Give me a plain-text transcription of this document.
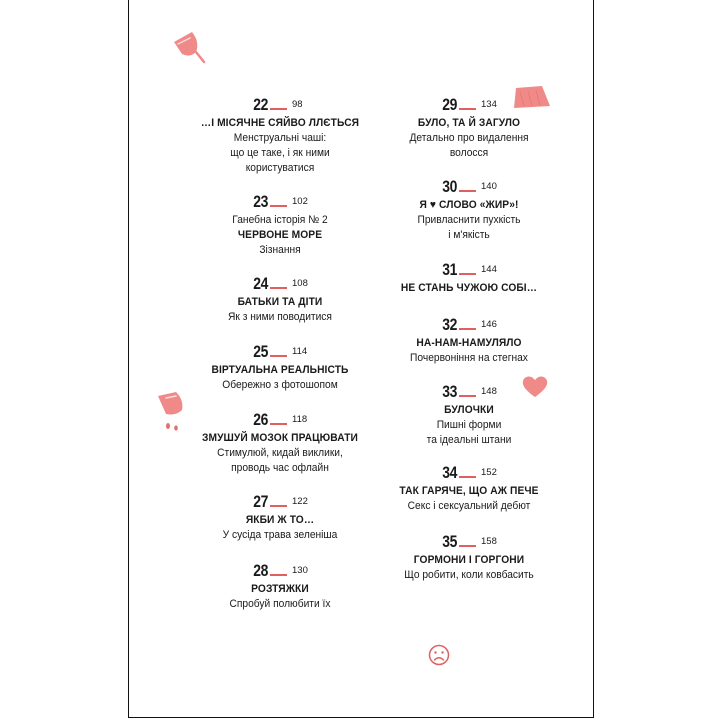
22	98
…І МІСЯЧНЕ СЯЙВО ЛЛЄТЬСЯ
Менструальні чаші:
що це таке, і як ними
користуватися
23	102
Ганебна історія № 2
ЧЕРВОНЕ МОРЕ
Зізнання
24	108
БАТЬКИ ТА ДІТИ
Як з ними поводитися
25	114
ВІРТУАЛЬНА РЕАЛЬНІСТЬ
Обережно з фотошопом
26	118
ЗМУШУЙ МОЗОК ПРАЦЮВАТИ
Стимулюй, кидай виклики,
проводь час офлайн
27	122
ЯКБИ Ж ТО…
У сусіда трава зеленіша
28	130
РОЗТЯЖКИ
Спробуй полюбити їх
29	134
БУЛО, ТА Й ЗАГУЛО
Детально про видалення
волосся
30	140
Я ♥ СЛОВО «ЖИР»!
Привласнити пухкість
і м'якість
31	144
НЕ СТАНЬ ЧУЖОЮ СОБІ…
32	146
НА-НАМ-НАМУЛЯЛО
Почервоніння на стегнах
33	148
БУЛОЧКИ
Пишні форми
та ідеальні штани
34	152
ТАК ГАРЯЧЕ, ЩО АЖ ПЕЧЕ
Секс і сексуальний дебют
35	158
ГОРМОНИ І ГОРГОНИ
Що робити, коли ковбасить
